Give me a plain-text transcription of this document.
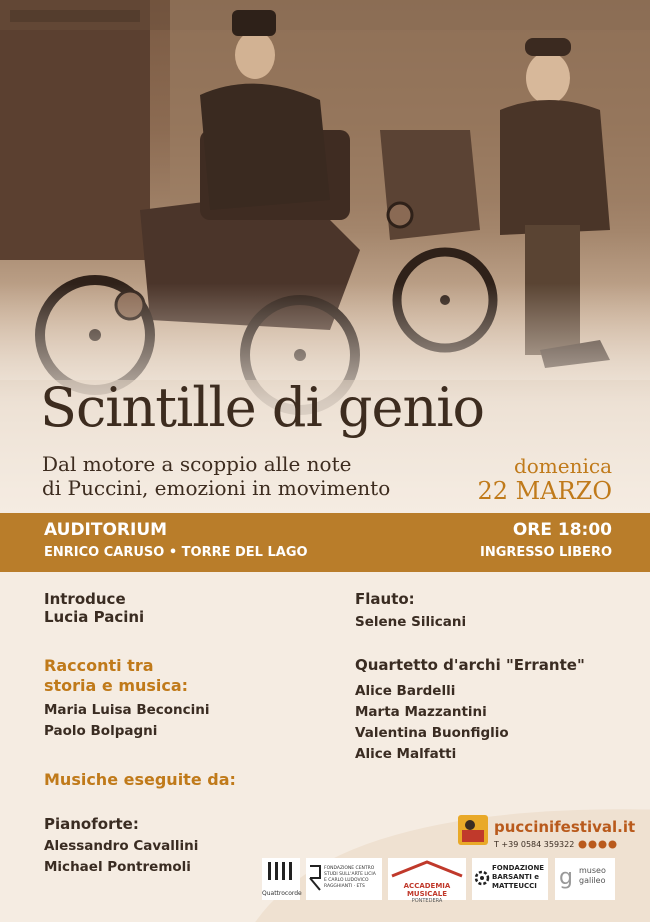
Scintille di genio
Dal motore a scoppio alle note
di Puccini, emozioni in movimento
domenica
22 MARZO
AUDITORIUM
ENRICO CARUSO • TORRE DEL LAGO
ORE 18:00
INGRESSO LIBERO
Introduce
Lucia Pacini
Racconti tra
storia e musica:
Maria Luisa Beconcini
Paolo Bolpagni
Musiche eseguite da:
Pianoforte:
Alessandro Cavallini
Michael Pontremoli
Flauto:
Selene Silicani
Quartetto d'archi "Errante"
Alice Bardelli
Marta Mazzantini
Valentina Buonfiglio
Alice Malfatti
puccinifestival.it
T +39 0584 359322
Quattrocorde
FONDAZIONE CENTRO STUDI SULL'ARTE LICIA E CARLO LUDOVICO RAGGHIANTI · ETS	ACCADEMIA MUSICALE
PONTEDERA
FONDAZIONE
BARSANTI e
MATTEUCCI	g museo
galileo
